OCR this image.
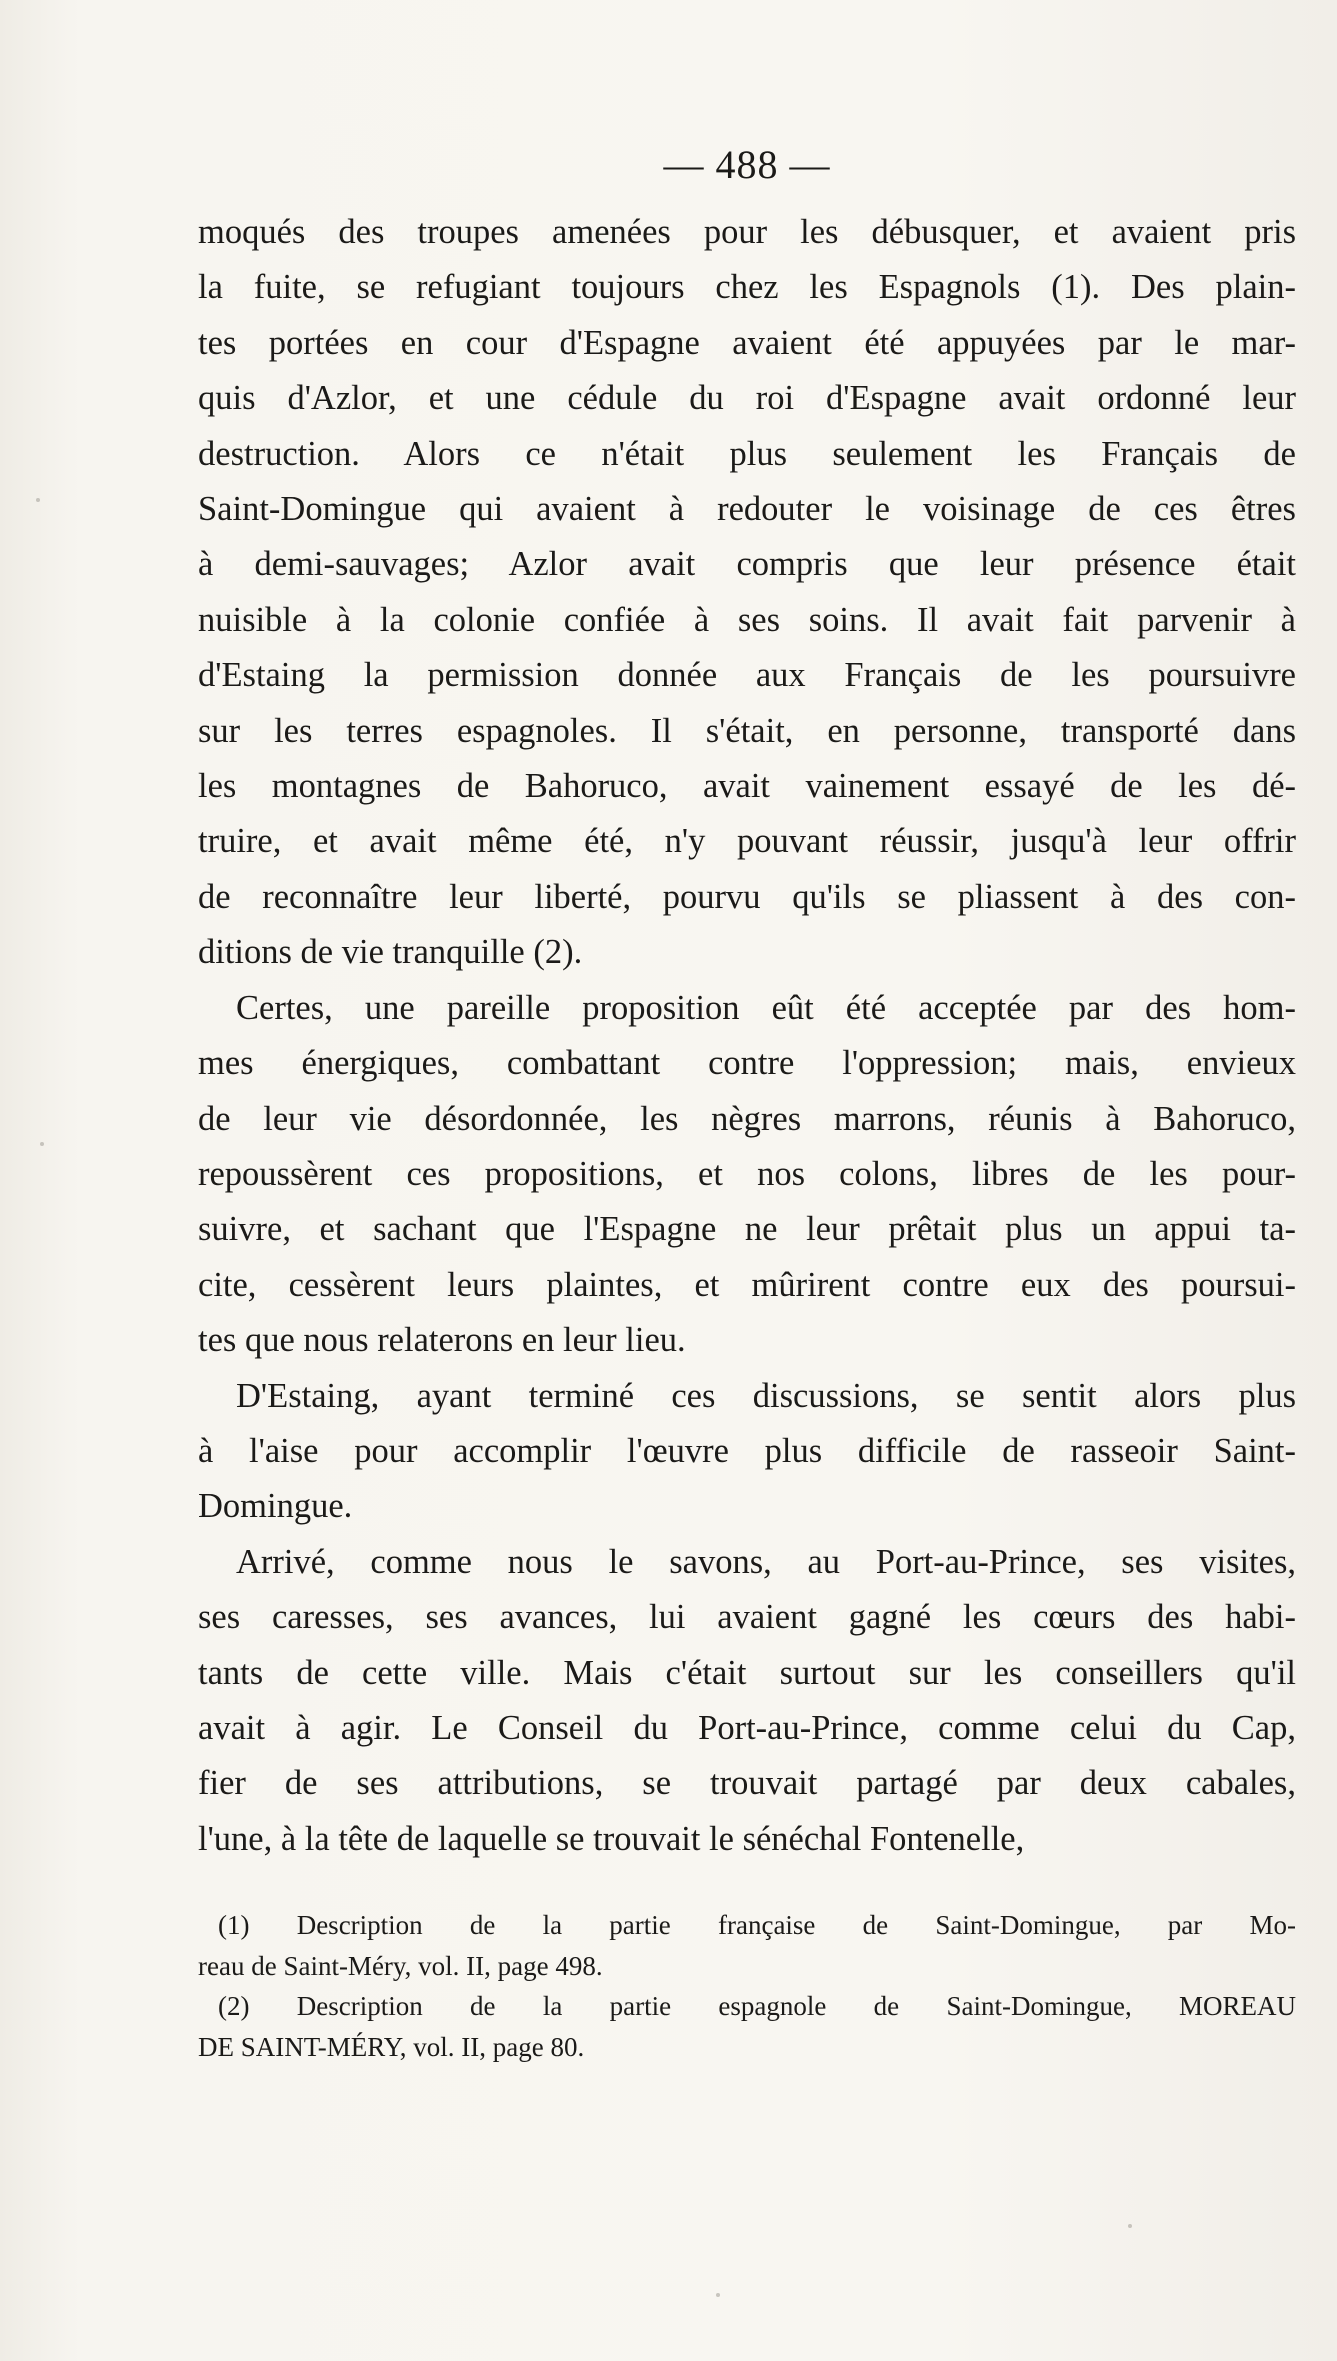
— 488 —

moqués des troupes amenées pour les débusquer, et avaient pris
la fuite, se refugiant toujours chez les Espagnols (1). Des plain-
tes portées en cour d'Espagne avaient été appuyées par le mar-
quis d'Azlor, et une cédule du roi d'Espagne avait ordonné leur
destruction. Alors ce n'était plus seulement les Français de
Saint-Domingue qui avaient à redouter le voisinage de ces êtres
à demi-sauvages; Azlor avait compris que leur présence était
nuisible à la colonie confiée à ses soins. Il avait fait parvenir à
d'Estaing la permission donnée aux Français de les poursuivre
sur les terres espagnoles. Il s'était, en personne, transporté dans
les montagnes de Bahoruco, avait vainement essayé de les dé-
truire, et avait même été, n'y pouvant réussir, jusqu'à leur offrir
de reconnaître leur liberté, pourvu qu'ils se pliassent à des con-
ditions de vie tranquille (2).

Certes, une pareille proposition eût été acceptée par des hom-
mes énergiques, combattant contre l'oppression; mais, envieux
de leur vie désordonnée, les nègres marrons, réunis à Bahoruco,
repoussèrent ces propositions, et nos colons, libres de les pour-
suivre, et sachant que l'Espagne ne leur prêtait plus un appui ta-
cite, cessèrent leurs plaintes, et mûrirent contre eux des poursui-
tes que nous relaterons en leur lieu.

D'Estaing, ayant terminé ces discussions, se sentit alors plus
à l'aise pour accomplir l'œuvre plus difficile de rasseoir Saint-
Domingue.

Arrivé, comme nous le savons, au Port-au-Prince, ses visites,
ses caresses, ses avances, lui avaient gagné les cœurs des habi-
tants de cette ville. Mais c'était surtout sur les conseillers qu'il
avait à agir. Le Conseil du Port-au-Prince, comme celui du Cap,
fier de ses attributions, se trouvait partagé par deux cabales,
l'une, à la tête de laquelle se trouvait le sénéchal Fontenelle,

(1) Description de la partie française de Saint-Domingue, par Mo-
reau de Saint-Méry, vol. II, page 498.
(2) Description de la partie espagnole de Saint-Domingue, MOREAU
DE SAINT-MÉRY, vol. II, page 80.
